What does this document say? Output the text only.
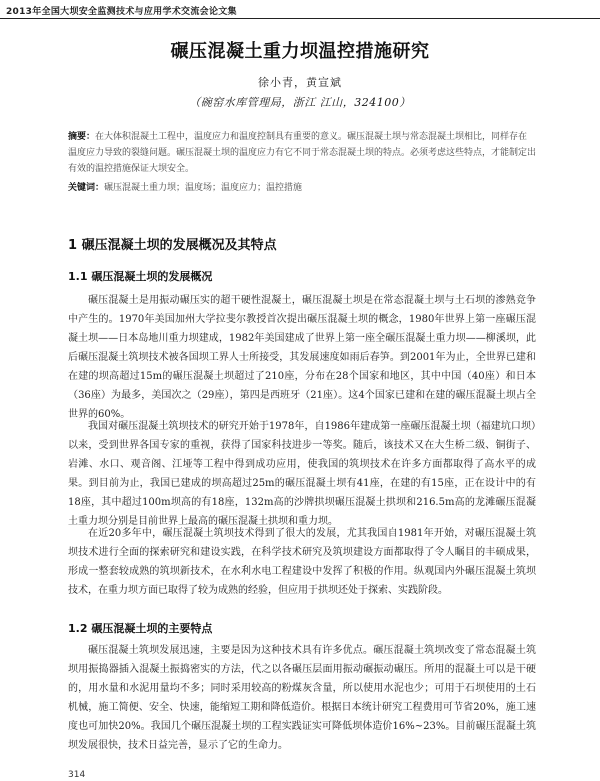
2013年全国大坝安全监测技术与应用学术交流会论文集
碾压混凝土重力坝温控措施研究
徐小青，黄宣斌
（碗窑水库管理局，浙江 江山，324100）
摘要：在大体积混凝土工程中，温度应力和温度控制具有重要的意义。碾压混凝土坝与常态混凝土坝相比，同样存在温度应力导致的裂缝问题。碾压混凝土坝的温度应力有它不同于常态混凝土坝的特点。必须考虑这些特点，才能制定出有效的温控措施保证大坝安全。
关键词：碾压混凝土重力坝；温度场；温度应力；温控措施
1 碾压混凝土坝的发展概况及其特点
1.1 碾压混凝土坝的发展概况

碾压混凝土是用振动碾压实的超干硬性混凝土，碾压混凝土坝是在常态混凝土坝与土石坝的渗熟竞争中产生的。1970年美国加州大学拉斐尔教授首次提出碾压混凝土坝的概念，1980年世界上第一座碾压混凝土坝——日本岛地川重力坝建成，1982年美国建成了世界上第一座全碾压混凝土重力坝——柳溪坝，此后碾压混凝土筑坝技术被各国坝工界人士所接受，其发展速度如雨后春笋。到2001年为止，全世界已建和在建的坝高超过15m的碾压混凝土坝超过了210座，分布在28个国家和地区，其中中国（40座）和日本（36座）为最多，美国次之（29座），第四是西班牙（21座）。这4个国家已建和在建的碾压混凝土坝占全世界的60%。

我国对碾压混凝土筑坝技术的研究开始于1978年，自1986年建成第一座碾压混凝土坝（福建坑口坝）以来，受到世界各国专家的重视，获得了国家科技进步一等奖。随后，该技术又在大生桥二级、铜街子、岩滩、水口、观音阁、江垭等工程中得到成功应用，使我国的筑坝技术在许多方面都取得了高水平的成果。到目前为止，我国已建成的坝高超过25m的碾压混凝土坝有41座，在建的有15座，正在设计中的有18座，其中超过100m坝高的有18座，132m高的沙牌拱坝碾压混凝土拱坝和216.5m高的龙滩碾压混凝土重力坝分别是目前世界上最高的碾压混凝土拱坝和重力坝。

在近20多年中，碾压混凝土筑坝技术得到了很大的发展，尤其我国自1981年开始，对碾压混凝土筑坝技术进行全面的探索研究和建设实践，在科学技术研究及筑坝建设方面都取得了令人瞩目的丰硕成果，形成一整套较成熟的筑坝新技术，在水利水电工程建设中发挥了积极的作用。纵观国内外碾压混凝土筑坝技术，在重力坝方面已取得了较为成熟的经验，但应用于拱坝还处于探索、实践阶段。

1.2 碾压混凝土坝的主要特点

碾压混凝土筑坝发展迅速，主要是因为这种技术具有许多优点。碾压混凝土筑坝改变了常态混凝土筑坝用振捣器插入混凝土振捣密实的方法，代之以各碾压层面用振动碾振动碾压。所用的混凝土可以是干硬的，用水量和水泥用量均不多；同时采用较高的粉煤灰含量，所以使用水泥也少；可用于石坝使用的土石机械，施工简便、安全、快速，能缩短工期和降低造价。根据日本统计研究工程费用可节省20%，施工速度也可加快20%。我国几个碾压混凝土坝的工程实践证实可降低坝体造价16%~23%。目前碾压混凝土筑坝发展很快，技术日益完善，显示了它的生命力。

314
